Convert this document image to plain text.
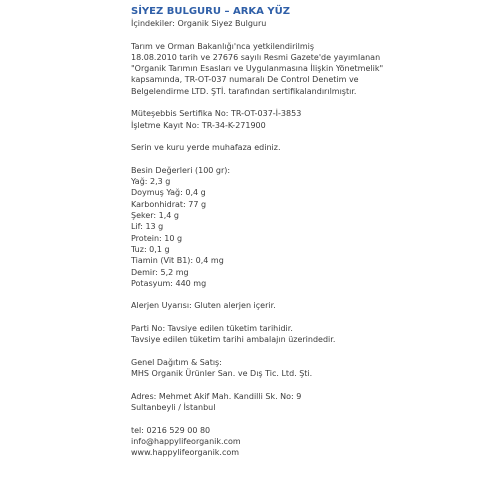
SİYEZ BULGURU – ARKA YÜZ
İçindekiler: Organik Siyez Bulguru
Tarım ve Orman Bakanlığı'nca yetkilendirilmiş
18.08.2010 tarih ve 27676 sayılı Resmi Gazete'de yayımlanan
"Organik Tarımın Esasları ve Uygulanmasına İlişkin Yönetmelik"
kapsamında, TR-OT-037 numaralı De Control Denetim ve
Belgelendirme LTD. ŞTİ. tarafından sertifikalandırılmıştır.
Müteşebbis Sertifika No: TR-OT-037-İ-3853
İşletme Kayıt No: TR-34-K-271900
Serin ve kuru yerde muhafaza ediniz.
Besin Değerleri (100 gr):
Yağ: 2,3 g
Doymuş Yağ: 0,4 g
Karbonhidrat: 77 g
Şeker: 1,4 g
Lif: 13 g
Protein: 10 g
Tuz: 0,1 g
Tiamin (Vit B1): 0,4 mg
Demir: 5,2 mg
Potasyum: 440 mg
Alerjen Uyarısı: Gluten alerjen içerir.
Parti No: Tavsiye edilen tüketim tarihidir.
Tavsiye edilen tüketim tarihi ambalajın üzerindedir.
Genel Dağıtım & Satış:
MHS Organik Ürünler San. ve Dış Tic. Ltd. Şti.
Adres: Mehmet Akif Mah. Kandilli Sk. No: 9
Sultanbeyli / İstanbul
tel: 0216 529 00 80
info@happylifeorganik.com
www.happylifeorganik.com
